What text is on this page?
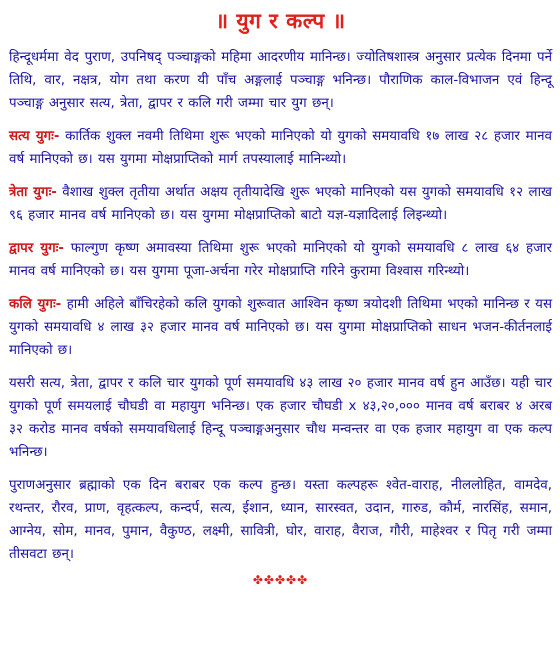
॥ युग र कल्प ॥

हिन्दूधर्ममा वेद पुराण, उपनिषद् पञ्चाङ्गको महिमा आदरणीय मानिन्छ। ज्योतिषशास्त्र अनुसार प्रत्येक दिनमा पर्ने तिथि, वार, नक्षत्र, योग तथा करण यी पाँच अङ्गलाई पञ्चाङ्ग भनिन्छ। पौराणिक काल-विभाजन एवं हिन्दू पञ्चाङ्ग अनुसार सत्य, त्रेता, द्वापर र कलि गरी जम्मा चार युग छन्।

सत्य युगः- कार्तिक शुक्ल नवमी तिथिमा शुरू भएको मानिएको यो युगको समयावधि १७ लाख २८ हजार मानव वर्ष मानिएको छ। यस युगमा मोक्षप्राप्तिको मार्ग तपस्यालाई मानिन्थ्यो।

त्रेता युगः- वैशाख शुक्ल तृतीया अर्थात अक्षय तृतीयादेखि शुरू भएको मानिएको यस युगको समयावधि १२ लाख ९६ हजार मानव वर्ष मानिएको छ। यस युगमा मोक्षप्राप्तिको बाटो यज्ञ-यज्ञादिलाई लिइन्थ्यो।

द्वापर युगः- फाल्गुण कृष्ण अमावस्या तिथिमा शुरू भएको मानिएको यो युगको समयावधि ८ लाख ६४ हजार मानव वर्ष मानिएको छ। यस युगमा पूजा-अर्चना गरेर मोक्षप्राप्ति गरिने कुरामा विश्वास गरिन्थ्यो।

कलि युगः- हामी अहिले बाँचिरहेको कलि युगको शुरूवात आश्विन कृष्ण त्रयोदशी तिथिमा भएको मानिन्छ र यस युगको समयावधि ४ लाख ३२ हजार मानव वर्ष मानिएको छ। यस युगमा मोक्षप्राप्तिको साधन भजन-कीर्तनलाई मानिएको छ।

यसरी सत्य, त्रेता, द्वापर र कलि चार युगको पूर्ण समयावधि ४३ लाख २० हजार मानव वर्ष हुन आउँछ। यही चार युगको पूर्ण समयलाई चौघडी वा महायुग भनिन्छ। एक हजार चौघडी x ४३,२०,००० मानव वर्ष बराबर ४ अरब ३२ करोड मानव वर्षको समयावधिलाई हिन्दू पञ्चाङ्गअनुसार चौध मन्वन्तर वा एक हजार महायुग वा एक कल्प भनिन्छ।

पुराणअनुसार ब्रह्माको एक दिन बराबर एक कल्प हुन्छ। यस्ता कल्पहरू श्वेत-वाराह, नीललोहित, वामदेव, रथन्तर, रौरव, प्राण, वृहत्कल्प, कन्दर्प, सत्य, ईशान, ध्यान, सारस्वत, उदान, गारुड, कौर्म, नारसिंह, समान, आग्नेय, सोम, मानव, पुमान, वैकुण्ठ, लक्ष्मी, सावित्री, घोर, वाराह, वैराज, गौरी, माहेश्वर र पितृ गरी जम्मा तीसवटा छन्।

✤✤✤✤✤
